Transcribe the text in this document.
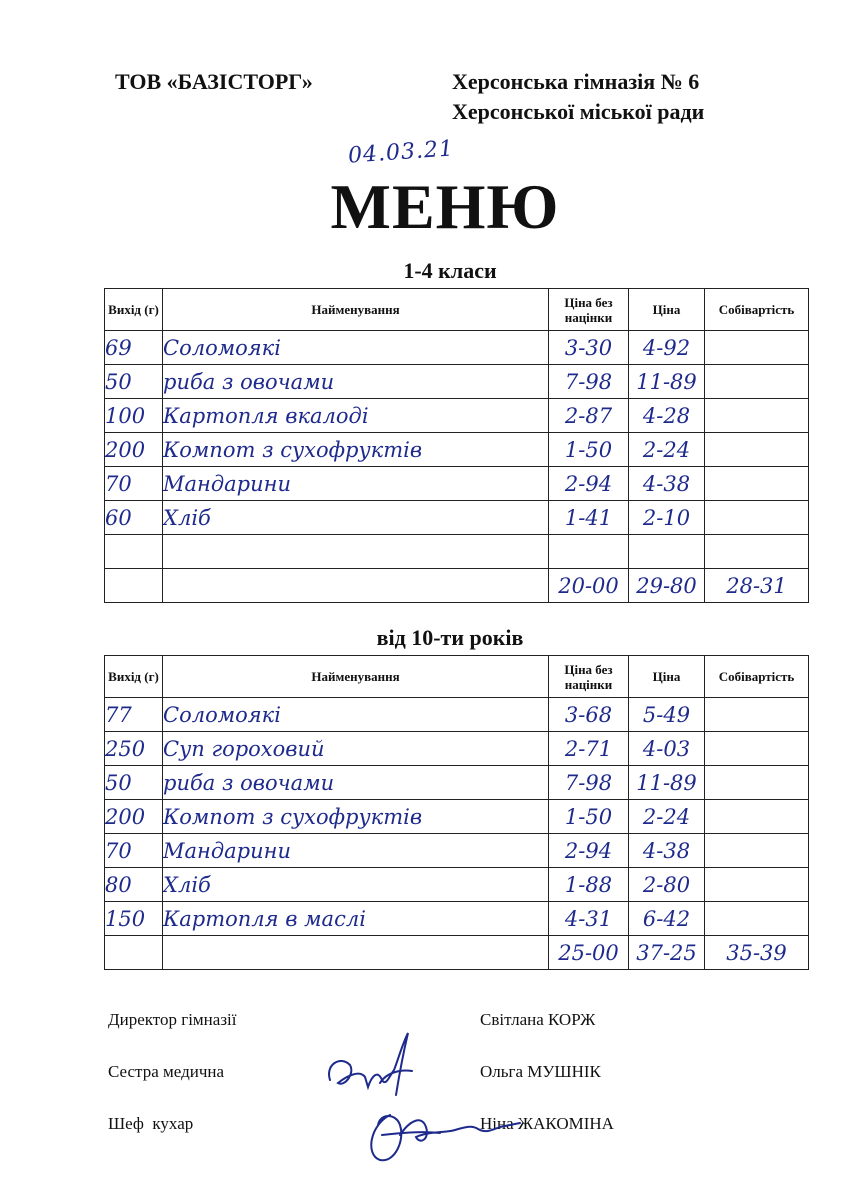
ТОВ «БАЗІСТОРГ»	Херсонська гімназія № 6
Херсонської міської ради
04.03.21
МЕНЮ
1-4 класи
Вихід (г)	Найменування	Ціна без націнки	Ціна	Собівартість
69	Соломоякі	3-30	4-92	
50	риба з овочами	7-98	11-89	
100	Картопля вкалоді	2-87	4-28	
200	Компот з сухофруктів	1-50	2-24	
70	Мандарини	2-94	4-38	
60	Хліб	1-41	2-10	

		20-00	29-80	28-31
від 10-ти років
Вихід (г)	Найменування	Ціна без націнки	Ціна	Собівартість
77	Соломоякі	3-68	5-49	
250	Суп гороховий	2-71	4-03	
50	риба з овочами	7-98	11-89	
200	Компот з сухофруктів	1-50	2-24	
70	Мандарини	2-94	4-38	
80	Хліб	1-88	2-80	
150	Картопля в маслі	4-31	6-42	
		25-00	37-25	35-39
Директор гімназії	Світлана КОРЖ
Сестра медична	Ольга МУШНІК
Шеф  кухар	Ніна ЖАКОМІНА
